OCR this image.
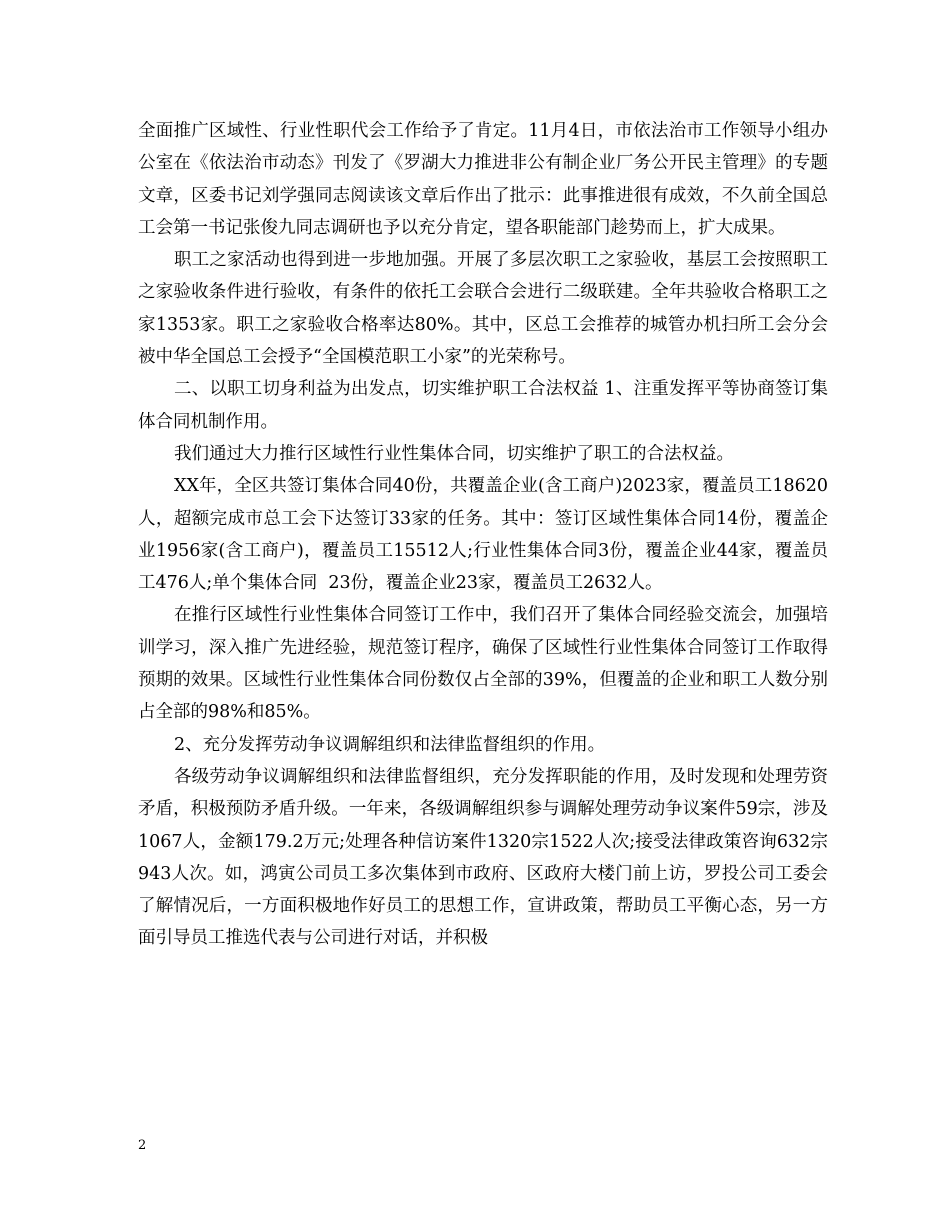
全面推广区域性、行业性职代会工作给予了肯定。11月4日，市依法治市工作领导小组办公室在《依法治市动态》刊发了《罗湖大力推进非公有制企业厂务公开民主管理》的专题文章，区委书记刘学强同志阅读该文章后作出了批示：此事推进很有成效，不久前全国总工会第一书记张俊九同志调研也予以充分肯定，望各职能部门趁势而上，扩大成果。

职工之家活动也得到进一步地加强。开展了多层次职工之家验收，基层工会按照职工之家验收条件进行验收，有条件的依托工会联合会进行二级联建。全年共验收合格职工之家1353家。职工之家验收合格率达80%。其中，区总工会推荐的城管办机扫所工会分会被中华全国总工会授予“全国模范职工小家”的光荣称号。

二、以职工切身利益为出发点，切实维护职工合法权益 1、注重发挥平等协商签订集体合同机制作用。

我们通过大力推行区域性行业性集体合同，切实维护了职工的合法权益。

XX年，全区共签订集体合同40份，共覆盖企业(含工商户)2023家，覆盖员工18620人，超额完成市总工会下达签订33家的任务。其中：签订区域性集体合同14份，覆盖企业1956家(含工商户)，覆盖员工15512人;行业性集体合同3份，覆盖企业44家，覆盖员工476人;单个集体合同  23份，覆盖企业23家，覆盖员工2632人。

在推行区域性行业性集体合同签订工作中，我们召开了集体合同经验交流会，加强培训学习，深入推广先进经验，规范签订程序，确保了区域性行业性集体合同签订工作取得预期的效果。区域性行业性集体合同份数仅占全部的39%，但覆盖的企业和职工人数分别占全部的98%和85%。

2、充分发挥劳动争议调解组织和法律监督组织的作用。

各级劳动争议调解组织和法律监督组织，充分发挥职能的作用，及时发现和处理劳资矛盾，积极预防矛盾升级。一年来，各级调解组织参与调解处理劳动争议案件59宗，涉及1067人，金额179.2万元;处理各种信访案件1320宗1522人次;接受法律政策咨询632宗943人次。如，鸿寅公司员工多次集体到市政府、区政府大楼门前上访，罗投公司工委会了解情况后，一方面积极地作好员工的思想工作，宣讲政策，帮助员工平衡心态，另一方面引导员工推选代表与公司进行对话，并积极

2
